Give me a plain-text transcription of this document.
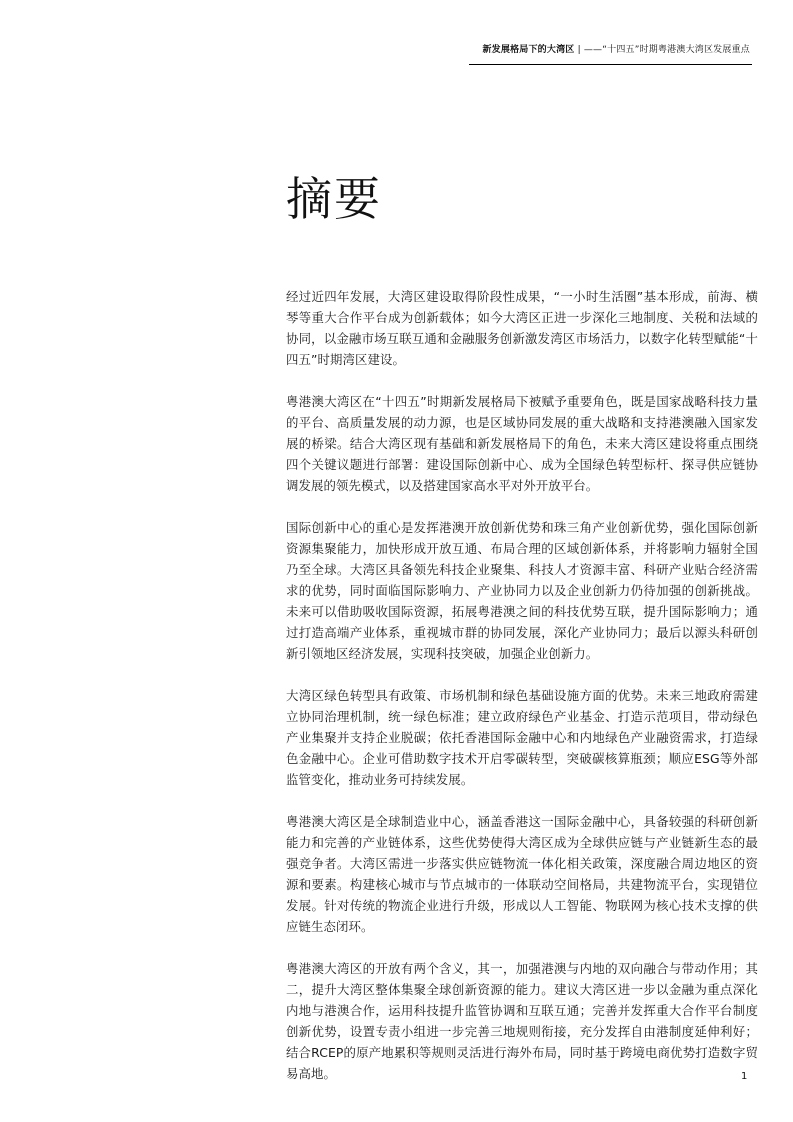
新发展格局下的大湾区 | ——“十四五”时期粤港澳大湾区发展重点
摘要

经过近四年发展，大湾区建设取得阶段性成果，“一小时生活圈”基本形成，前海、横琴等重大合作平台成为创新载体；如今大湾区正进一步深化三地制度、关税和法域的协同，以金融市场互联互通和金融服务创新激发湾区市场活力，以数字化转型赋能“十四五”时期湾区建设。

粤港澳大湾区在“十四五”时期新发展格局下被赋予重要角色，既是国家战略科技力量的平台、高质量发展的动力源，也是区域协同发展的重大战略和支持港澳融入国家发展的桥梁。结合大湾区现有基础和新发展格局下的角色，未来大湾区建设将重点围绕四个关键议题进行部署：建设国际创新中心、成为全国绿色转型标杆、探寻供应链协调发展的领先模式，以及搭建国家高水平对外开放平台。

国际创新中心的重心是发挥港澳开放创新优势和珠三角产业创新优势，强化国际创新资源集聚能力，加快形成开放互通、布局合理的区域创新体系，并将影响力辐射全国乃至全球。大湾区具备领先科技企业聚集、科技人才资源丰富、科研产业贴合经济需求的优势，同时面临国际影响力、产业协同力以及企业创新力仍待加强的创新挑战。未来可以借助吸收国际资源，拓展粤港澳之间的科技优势互联，提升国际影响力；通过打造高端产业体系，重视城市群的协同发展，深化产业协同力；最后以源头科研创新引领地区经济发展，实现科技突破，加强企业创新力。

大湾区绿色转型具有政策、市场机制和绿色基础设施方面的优势。未来三地政府需建立协同治理机制，统一绿色标准；建立政府绿色产业基金、打造示范项目，带动绿色产业集聚并支持企业脱碳；依托香港国际金融中心和内地绿色产业融资需求，打造绿色金融中心。企业可借助数字技术开启零碳转型，突破碳核算瓶颈；顺应ESG等外部监管变化，推动业务可持续发展。

粤港澳大湾区是全球制造业中心，涵盖香港这一国际金融中心，具备较强的科研创新能力和完善的产业链体系，这些优势使得大湾区成为全球供应链与产业链新生态的最强竞争者。大湾区需进一步落实供应链物流一体化相关政策，深度融合周边地区的资源和要素。构建核心城市与节点城市的一体联动空间格局，共建物流平台，实现错位发展。针对传统的物流企业进行升级，形成以人工智能、物联网为核心技术支撑的供应链生态闭环。

粤港澳大湾区的开放有两个含义，其一，加强港澳与内地的双向融合与带动作用；其二，提升大湾区整体集聚全球创新资源的能力。建议大湾区进一步以金融为重点深化内地与港澳合作，运用科技提升监管协调和互联互通；完善并发挥重大合作平台制度创新优势，设置专责小组进一步完善三地规则衔接，充分发挥自由港制度延伸利好；结合RCEP的原产地累积等规则灵活进行海外布局，同时基于跨境电商优势打造数字贸易高地。	1
